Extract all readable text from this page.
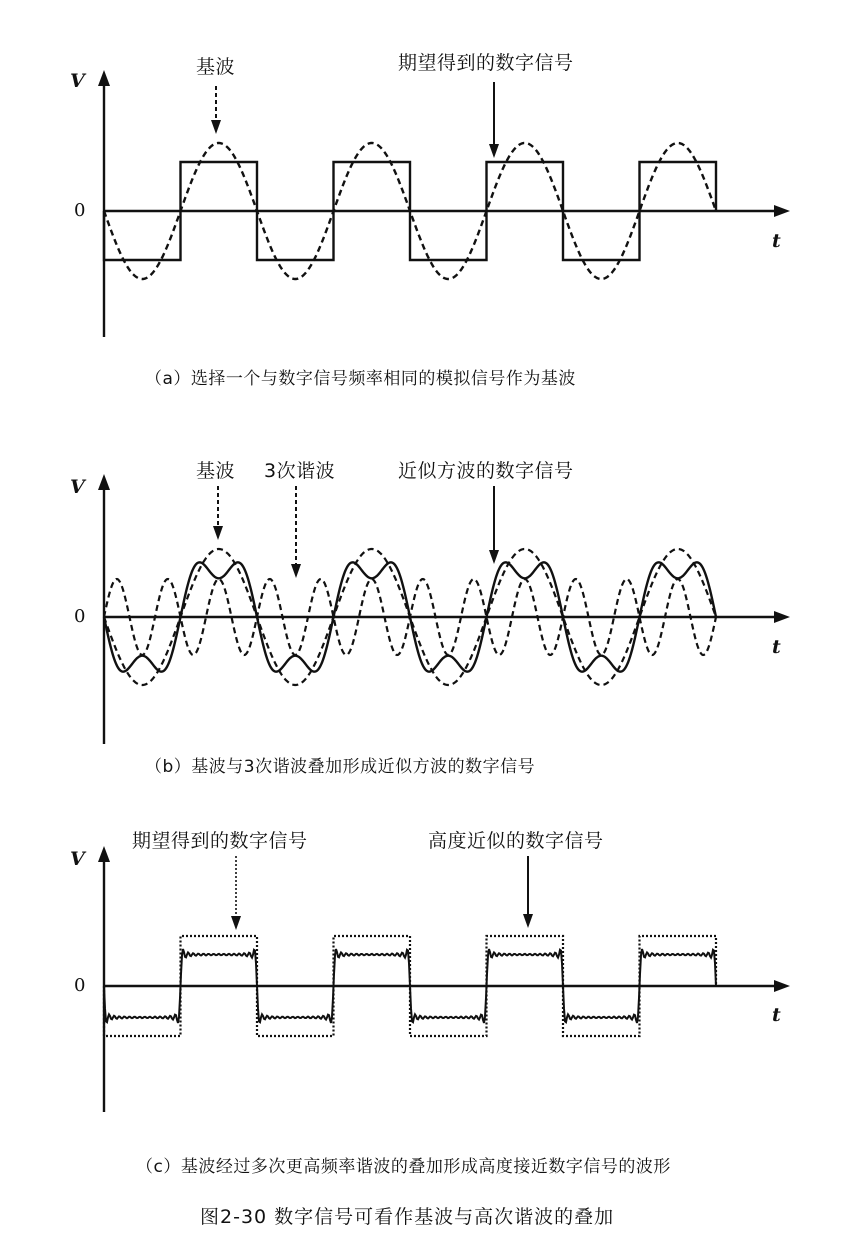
V
0
t
基波	期望得到的数字信号
（a）选择一个与数字信号频率相同的模拟信号作为基波
V
0
t
基波 3次谐波	近似方波的数字信号
（b）基波与3次谐波叠加形成近似方波的数字信号
V
0
t
期望得到的数字信号	高度近似的数字信号
（c）基波经过多次更高频率谐波的叠加形成高度接近数字信号的波形
图2-30 数字信号可看作基波与高次谐波的叠加
